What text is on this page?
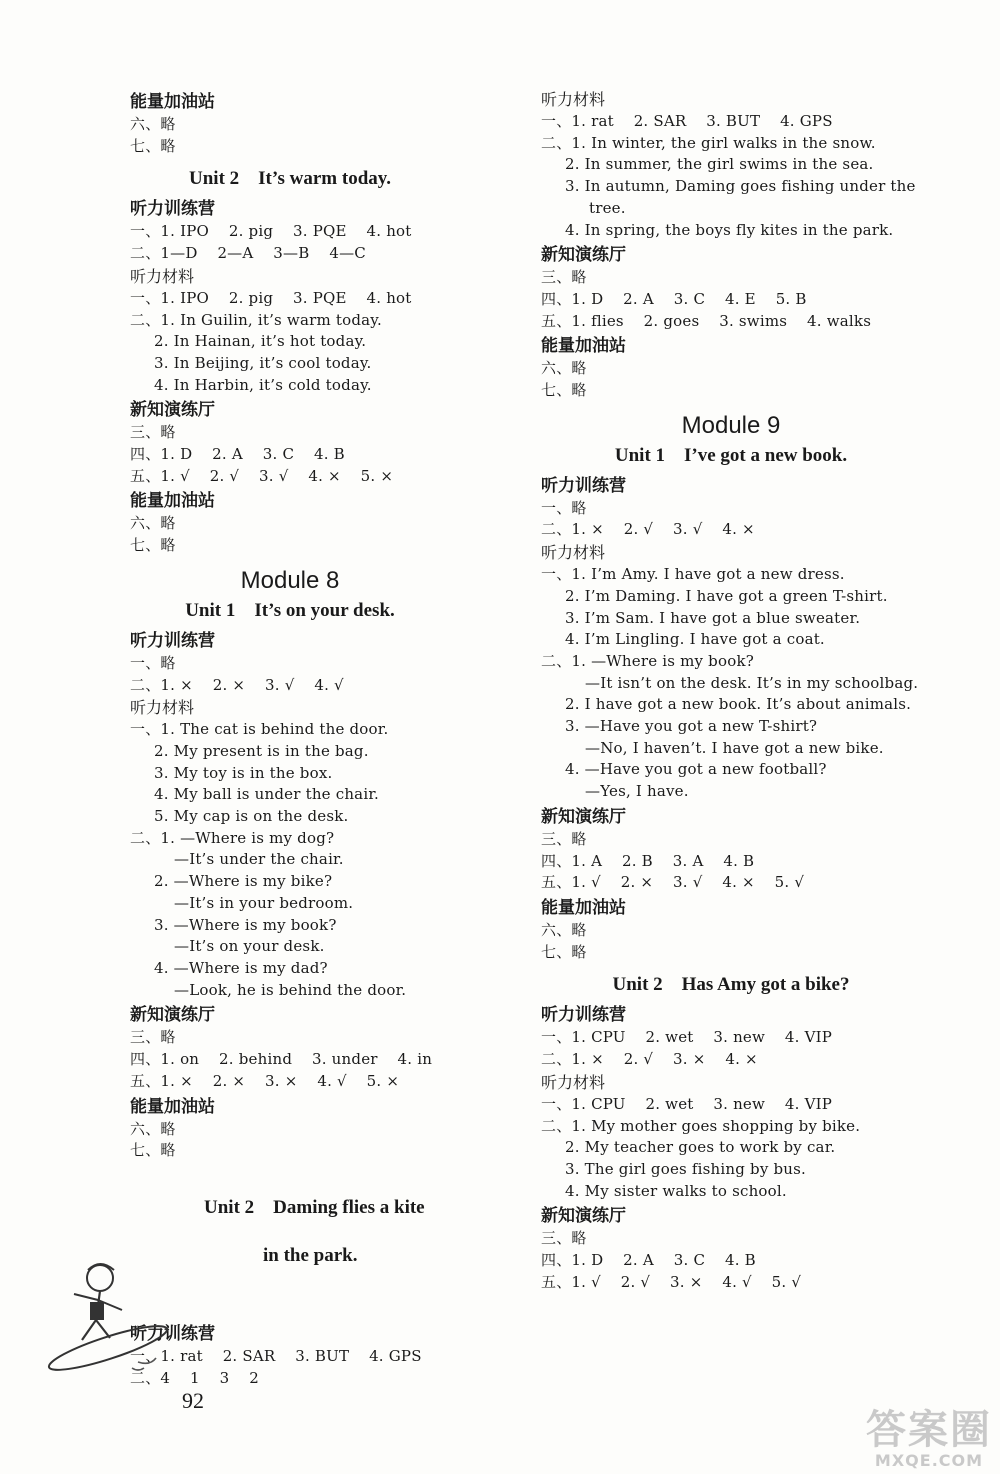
能量加油站
六、略
七、略
Unit 2    It’s warm today.
听力训练营
一、1. IPO    2. pig    3. PQE    4. hot
二、1—D    2—A    3—B    4—C
听力材料
一、1. IPO    2. pig    3. PQE    4. hot
二、1. In Guilin, it’s warm today.
2. In Hainan, it’s hot today.
3. In Beijing, it’s cool today.
4. In Harbin, it’s cold today.
新知演练厅
三、略
四、1. D    2. A    3. C    4. B
五、1. √    2. √    3. √    4. ×    5. ×
能量加油站
六、略
七、略
Module 8
Unit 1    It’s on your desk.
听力训练营
一、略
二、1. ×    2. ×    3. √    4. √
听力材料
一、1. The cat is behind the door.
2. My present is in the bag.
3. My toy is in the box.
4. My ball is under the chair.
5. My cap is on the desk.
二、1. —Where is my dog?
—It’s under the chair.
2. —Where is my bike?
—It’s in your bedroom.
3. —Where is my book?
—It’s on your desk.
4. —Where is my dad?
—Look, he is behind the door.
新知演练厅
三、略
四、1. on    2. behind    3. under    4. in
五、1. ×    2. ×    3. ×    4. √    5. ×
能量加油站
六、略
七、略

Unit 2    Daming flies a kite

in the park.

听力训练营
一、1. rat    2. SAR    3. BUT    4. GPS
二、4    1    3    2
听力材料
一、1. rat    2. SAR    3. BUT    4. GPS
二、1. In winter, the girl walks in the snow.
2. In summer, the girl swims in the sea.
3. In autumn, Daming goes fishing under the
tree.
4. In spring, the boys fly kites in the park.
新知演练厅
三、略
四、1. D    2. A    3. C    4. E    5. B
五、1. flies    2. goes    3. swims    4. walks
能量加油站
六、略
七、略
Module 9
Unit 1    I’ve got a new book.
听力训练营
一、略
二、1. ×    2. √    3. √    4. ×
听力材料
一、1. I’m Amy. I have got a new dress.
2. I’m Daming. I have got a green T-shirt.
3. I’m Sam. I have got a blue sweater.
4. I’m Lingling. I have got a coat.
二、1. —Where is my book?
—It isn’t on the desk. It’s in my schoolbag.
2. I have got a new book. It’s about animals.
3. —Have you got a new T-shirt?
—No, I haven’t. I have got a new bike.
4. —Have you got a new football?
—Yes, I have.
新知演练厅
三、略
四、1. A    2. B    3. A    4. B
五、1. √    2. ×    3. √    4. ×    5. √
能量加油站
六、略
七、略
Unit 2    Has Amy got a bike?
听力训练营
一、1. CPU    2. wet    3. new    4. VIP
二、1. ×    2. √    3. ×    4. ×
听力材料
一、1. CPU    2. wet    3. new    4. VIP
二、1. My mother goes shopping by bike.
2. My teacher goes to work by car.
3. The girl goes fishing by bus.
4. My sister walks to school.
新知演练厅
三、略
四、1. D    2. A    3. C    4. B
五、1. √    2. √    3. ×    4. √    5. √
92
答案圈
MXQE.COM
